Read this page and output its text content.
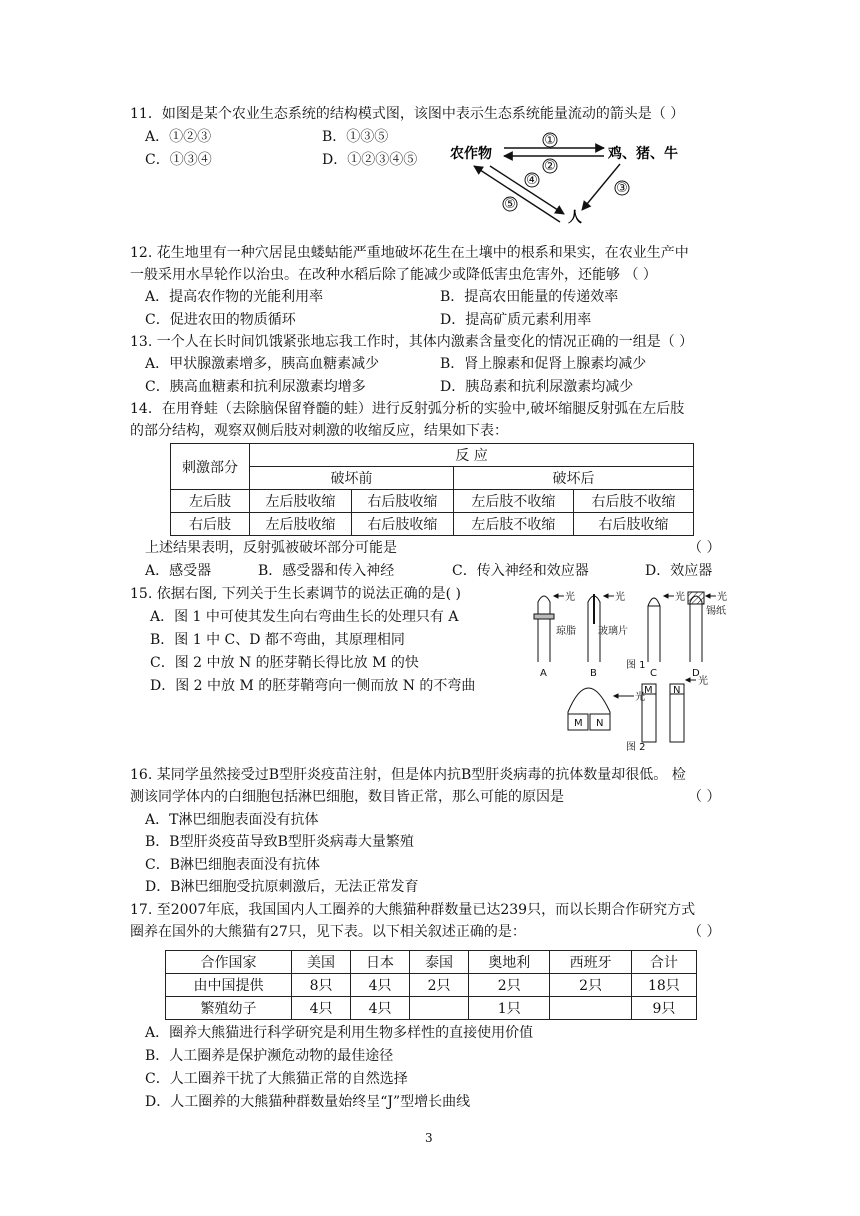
11．如图是某个农业生态系统的结构模式图，该图中表示生态系统能量流动的箭头是（ ）
A．①②③	B．①③⑤
C．①③④	D．①②③④⑤ 农作物	鸡、猪、牛
人
①
②
③
④
⑤
12. 花生地里有一种穴居昆虫蝼蛄能严重地破坏花生在土壤中的根系和果实，在农业生产中
一般采用水旱轮作以治虫。在改种水稻后除了能减少或降低害虫危害外，还能够 （ ）
A．提高农作物的光能利用率	B．提高农田能量的传递效率
C．促进农田的物质循环	D．提高矿质元素利用率
13. 一个人在长时间饥饿紧张地忘我工作时，其体内激素含量变化的情况正确的一组是（ ）
A．甲状腺激素增多，胰高血糖素减少	B．肾上腺素和促肾上腺素均减少
C．胰高血糖素和抗利尿激素均增多	D．胰岛素和抗利尿激素均减少
14．在用脊蛙（去除脑保留脊髓的蛙）进行反射弧分析的实验中,破坏缩腿反射弧在左后肢
的部分结构，观察双侧后肢对刺激的收缩反应，结果如下表：
刺激部分	反 应			
	破坏前		破坏后	
左后肢	左后肢收缩	右后肢收缩	左后肢不收缩	右后肢不收缩
右后肢	左后肢收缩	右后肢收缩	左后肢不收缩	右后肢收缩
上述结果表明，反射弧被破坏部分可能是	（ ）
A．感受器	B．感受器和传入神经	C．传入神经和效应器	D．效应器
15. 依据右图, 下列关于生长素调节的说法正确的是( )
A．图 1 中可使其发生向右弯曲生长的处理只有 A
B．图 1 中 C、D 都不弯曲，其原理相同
C．图 2 中放 N 的胚芽鞘长得比放 M 的快
D．图 2 中放 M 的胚芽鞘弯向一侧而放 N 的不弯曲
光	光	光	光
琼脂 玻璃片
锡纸
A	B	C	D
图 1
光
光
M N
M N
图 2
16. 某同学虽然接受过B型肝炎疫苗注射，但是体内抗B型肝炎病毒的抗体数量却很低。 检
测该同学体内的白细胞包括淋巴细胞，数目皆正常，那么可能的原因是	（ ）
A．T淋巴细胞表面没有抗体
B．B型肝炎疫苗导致B型肝炎病毒大量繁殖
C．B淋巴细胞表面没有抗体
D．B淋巴细胞受抗原刺激后，无法正常发育
17. 至2007年底，我国国内人工圈养的大熊猫种群数量已达239只，而以长期合作研究方式
圈养在国外的大熊猫有27只，见下表。以下相关叙述正确的是：	（ ）
合作国家	美国	日本	泰国	奥地利	西班牙	合计
由中国提供	8只	4只	2只	2只	2只	18只
繁殖幼子	4只	4只		1只		9只
A．圈养大熊猫进行科学研究是利用生物多样性的直接使用价值
B．人工圈养是保护濒危动物的最佳途径
C．人工圈养干扰了大熊猫正常的自然选择
D．人工圈养的大熊猫种群数量始终呈“J”型增长曲线
3
